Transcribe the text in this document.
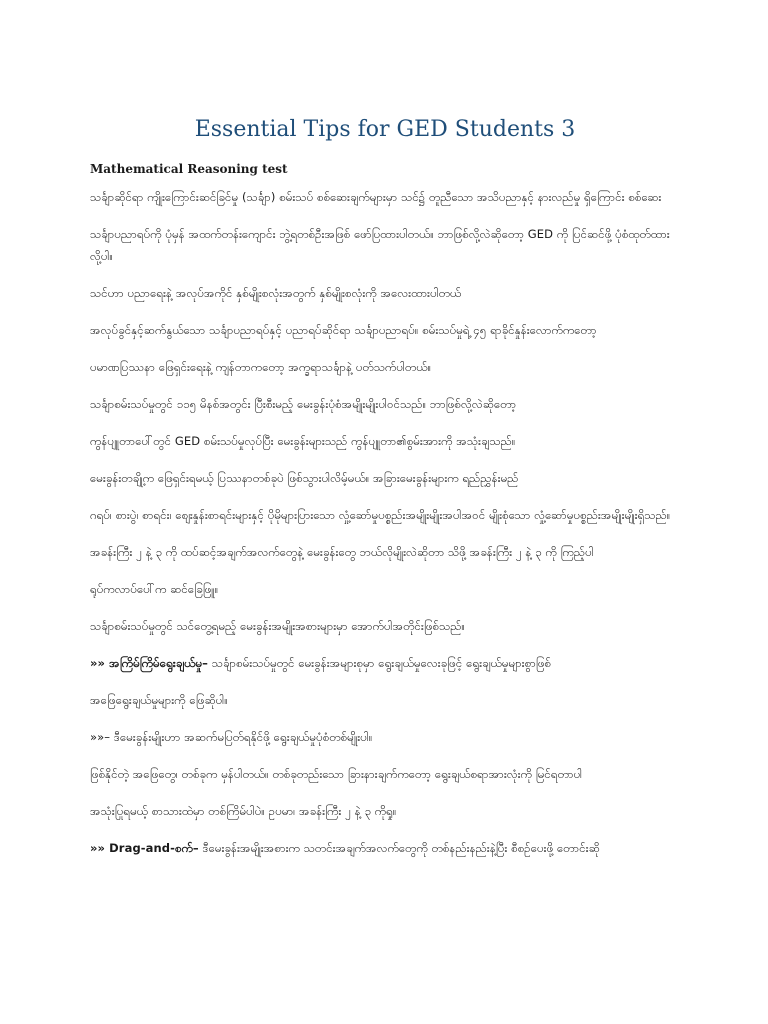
Essential Tips for GED Students 3
Mathematical Reasoning test

သင်္ချာဆိုင်ရာ ကျိုးကြောင်းဆင်ခြင်မှု (သင်္ချာ) စမ်းသပ် စစ်ဆေးချက်များမှာ သင်၌ တူညီသော အသိပညာနှင့် နားလည်မှု ရှိကြောင်း စစ်ဆေး

သင်္ချာပညာရပ်ကို ပုံမှန် အထက်တန်းကျောင်း ဘွဲ့ရတစ်ဦးအဖြစ် ဖော်ပြထားပါတယ်။ ဘာဖြစ်လို့လဲဆိုတော့ GED ကို ပြင်ဆင်ဖို့ ပုံစံထုတ်ထားလို့ပါ။

သင်ဟာ ပညာရေးနဲ့ အလုပ်အကိုင် နှစ်မျိုးစလုံးအတွက် နှစ်မျိုးစလုံးကို အလေးထားပါတယ်

အလုပ်ခွင်နှင့်ဆက်နွယ်သော သင်္ချာပညာရပ်နှင့် ပညာရပ်ဆိုင်ရာ သင်္ချာပညာရပ်။ စမ်းသပ်မှုရဲ့ ၄၅ ရာခိုင်နှုန်းလောက်ကတော့

ပမာဏပြဿနာ ဖြေရှင်းရေးနဲ့ ကျန်တာကတော့ အက္ခရာသင်္ချာနဲ့ ပတ်သက်ပါတယ်။

သင်္ချာစမ်းသပ်မှုတွင် ၁၁၅ မိနစ်အတွင်း ပြီးစီးမည့် မေးခွန်းပုံစံအမျိုးမျိုးပါဝင်သည်။ ဘာဖြစ်လို့လဲဆိုတော့

ကွန်ပျူတာပေါ်တွင် GED စမ်းသပ်မှုလုပ်ပြီး မေးခွန်းများသည် ကွန်ပျူတာ၏စွမ်းအားကို အသုံးချသည်။

မေးခွန်းတချို့က ဖြေရှင်းရမယ့် ပြဿနာတစ်ခုပဲ ဖြစ်သွားပါလိမ့်မယ်။ အခြားမေးခွန်းများက ရည်ညွှန်းမည်

ဂရပ်၊ စားပွဲ၊ စာရင်း၊ စျေးနှုန်းစာရင်းများနှင့် ပိုမိုများပြားသော လှုံ့ဆော်မှုပစ္စည်းအမျိုးမျိုးအပါအဝင် မျိုးစုံသော လှုံ့ဆော်မှုပစ္စည်းအမျိုးမျိုးရှိသည်။

အခန်းကြီး ၂ နဲ့ ၃ ကို ထပ်ဆင့်အချက်အလက်တွေနဲ့ မေးခွန်းတွေ ဘယ်လိုမျိုးလဲဆိုတာ သိဖို့ အခန်းကြီး ၂ နဲ့ ၃ ကို ကြည့်ပါ

ရုပ်ကလာပ်ပေါ်က ဆင်ခြေဖြူ။

သင်္ချာစမ်းသပ်မှုတွင် သင်တွေ့ရမည့် မေးခွန်းအမျိုးအစားများမှာ အောက်ပါအတိုင်းဖြစ်သည်။

»» အကြိမ်ကြိမ်ရွေးချယ်မှု– သင်္ချာစမ်းသပ်မှုတွင် မေးခွန်းအများစုမှာ ရွေးချယ်မှုလေးခုဖြင့် ရွေးချယ်မှုများစွာဖြစ်

အဖြေရွေးချယ်မှုများကို ဖြေဆိုပါ။

»»– ဒီမေးခွန်းမျိုးဟာ အဆက်မပြတ်ရနိုင်ဖို့ ရွေးချယ်မှုပုံစံတစ်မျိုးပါ။

ဖြစ်နိုင်တဲ့ အဖြေတွေ၊ တစ်ခုက မှန်ပါတယ်။ တစ်ခုတည်းသော ခြားနားချက်ကတော့ ရွေးချယ်စရာအားလုံးကို မြင်ရတာပါ

အသုံးပြုရမယ့် စာသားထဲမှာ တစ်ကြိမ်ပါပဲ။ ဥပမာ၊ အခန်းကြီး ၂ နဲ့ ၃ ကိုရှု။

»» Drag-and-စက်– ဒီမေးခွန်းအမျိုးအစားက သတင်းအချက်အလက်တွေကို တစ်နည်းနည်းနဲ့ပြီး စီစဉ်ပေးဖို့ တောင်းဆို
